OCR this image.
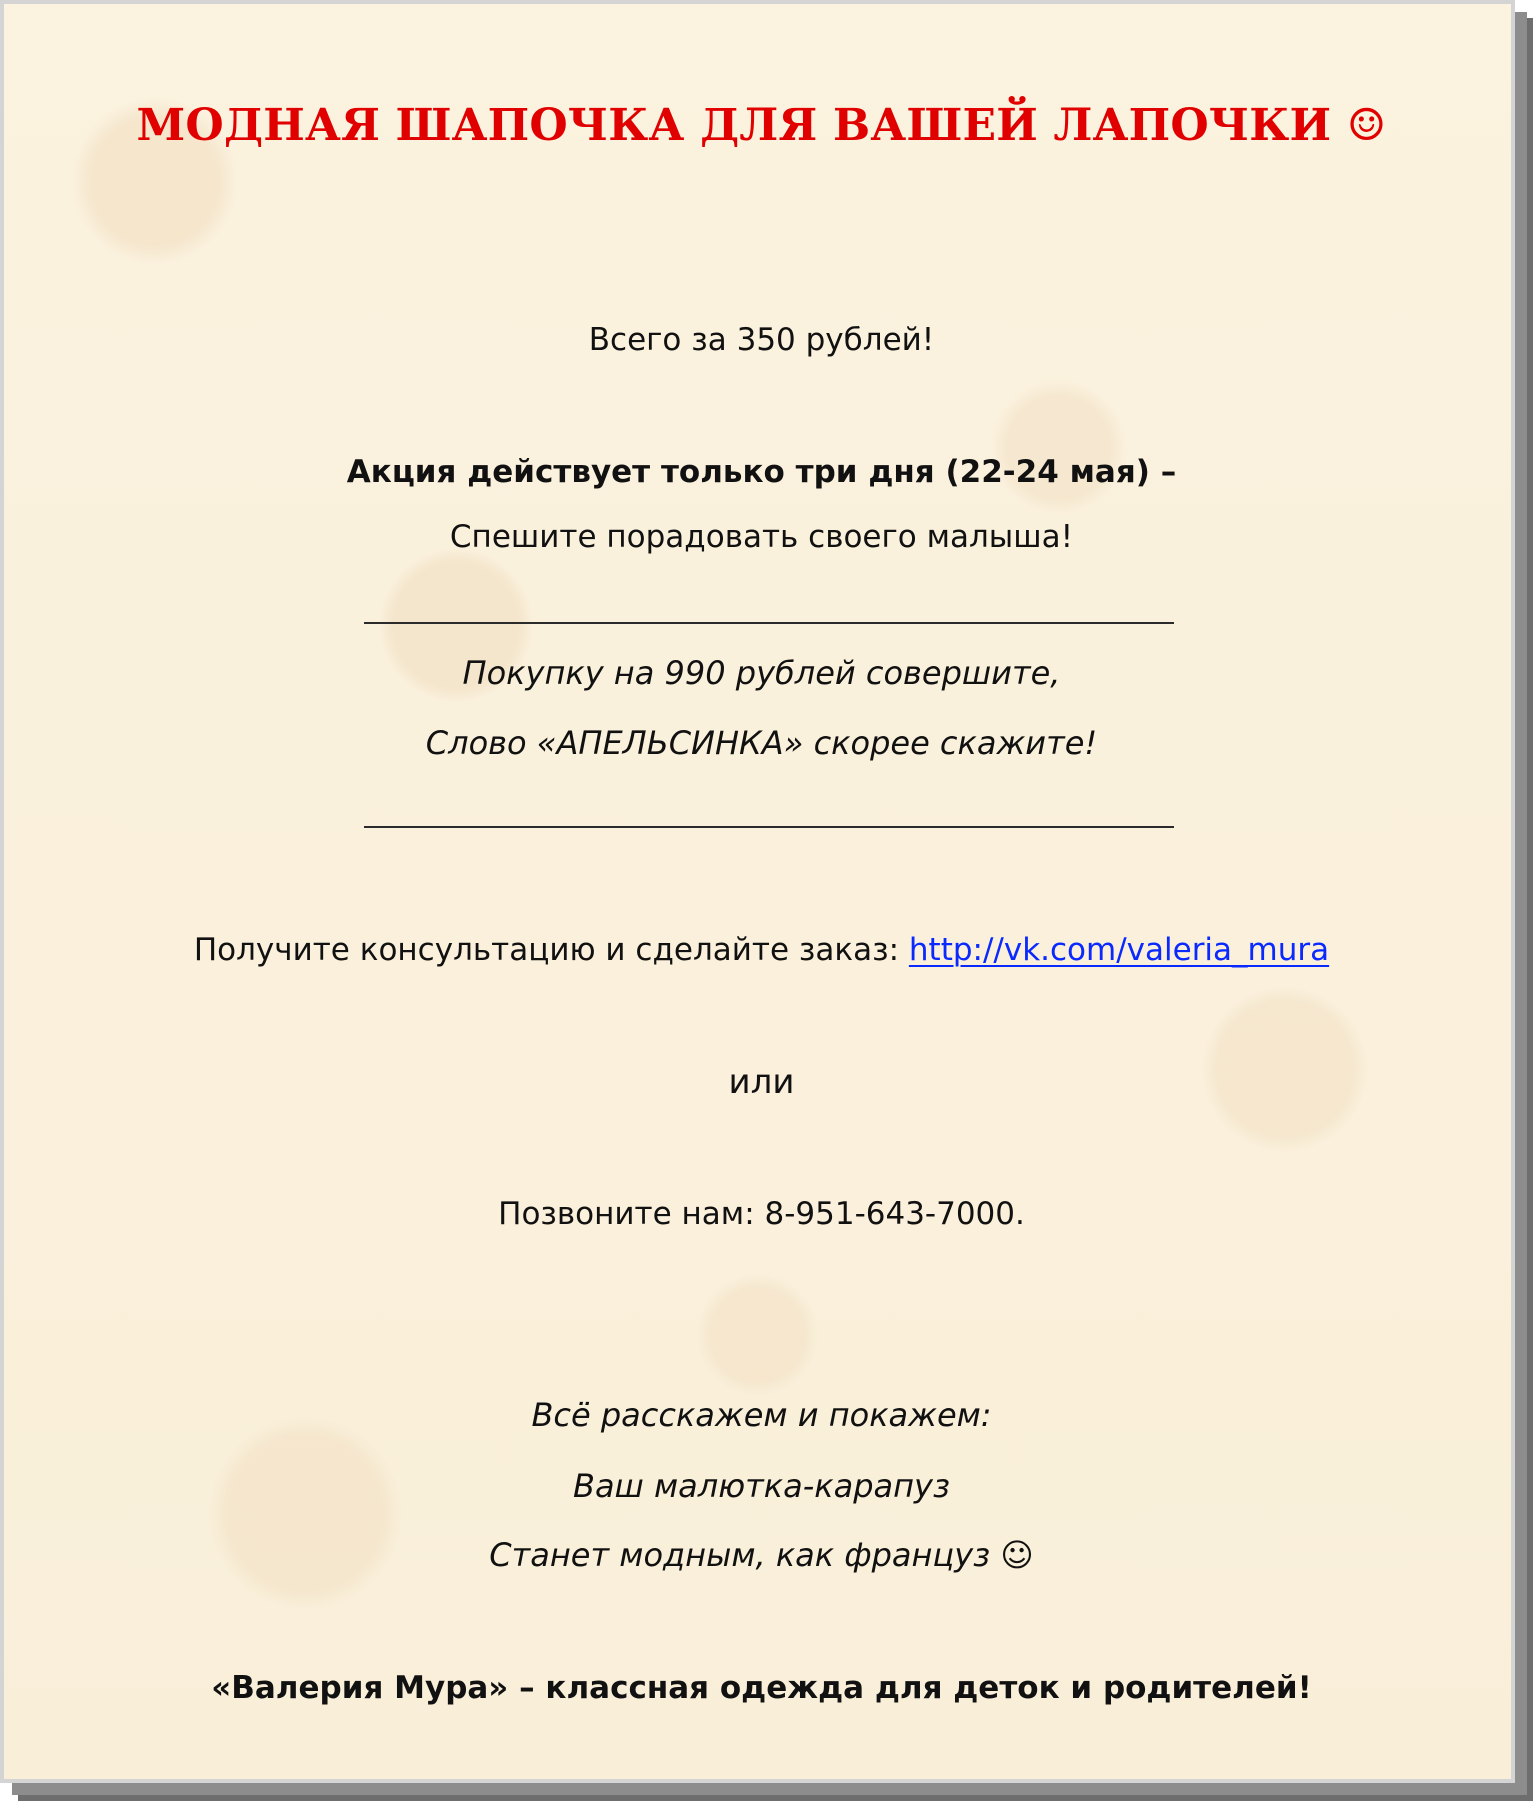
МОДНАЯ ШАПОЧКА ДЛЯ ВАШЕЙ ЛАПОЧКИ ☺
Всего за 350 рублей!
Акция действует только три дня (22-24 мая) –
Спешите порадовать своего малыша!
Покупку на 990 рублей совершите,
Слово «АПЕЛЬСИНКА» скорее скажите!
Получите консультацию и сделайте заказ: http://vk.com/valeria_mura
или
Позвоните нам: 8-951-643-7000.
Всё расскажем и покажем:
Ваш малютка-карапуз
Станет модным, как француз ☺
«Валерия Мура» – классная одежда для деток и родителей!
